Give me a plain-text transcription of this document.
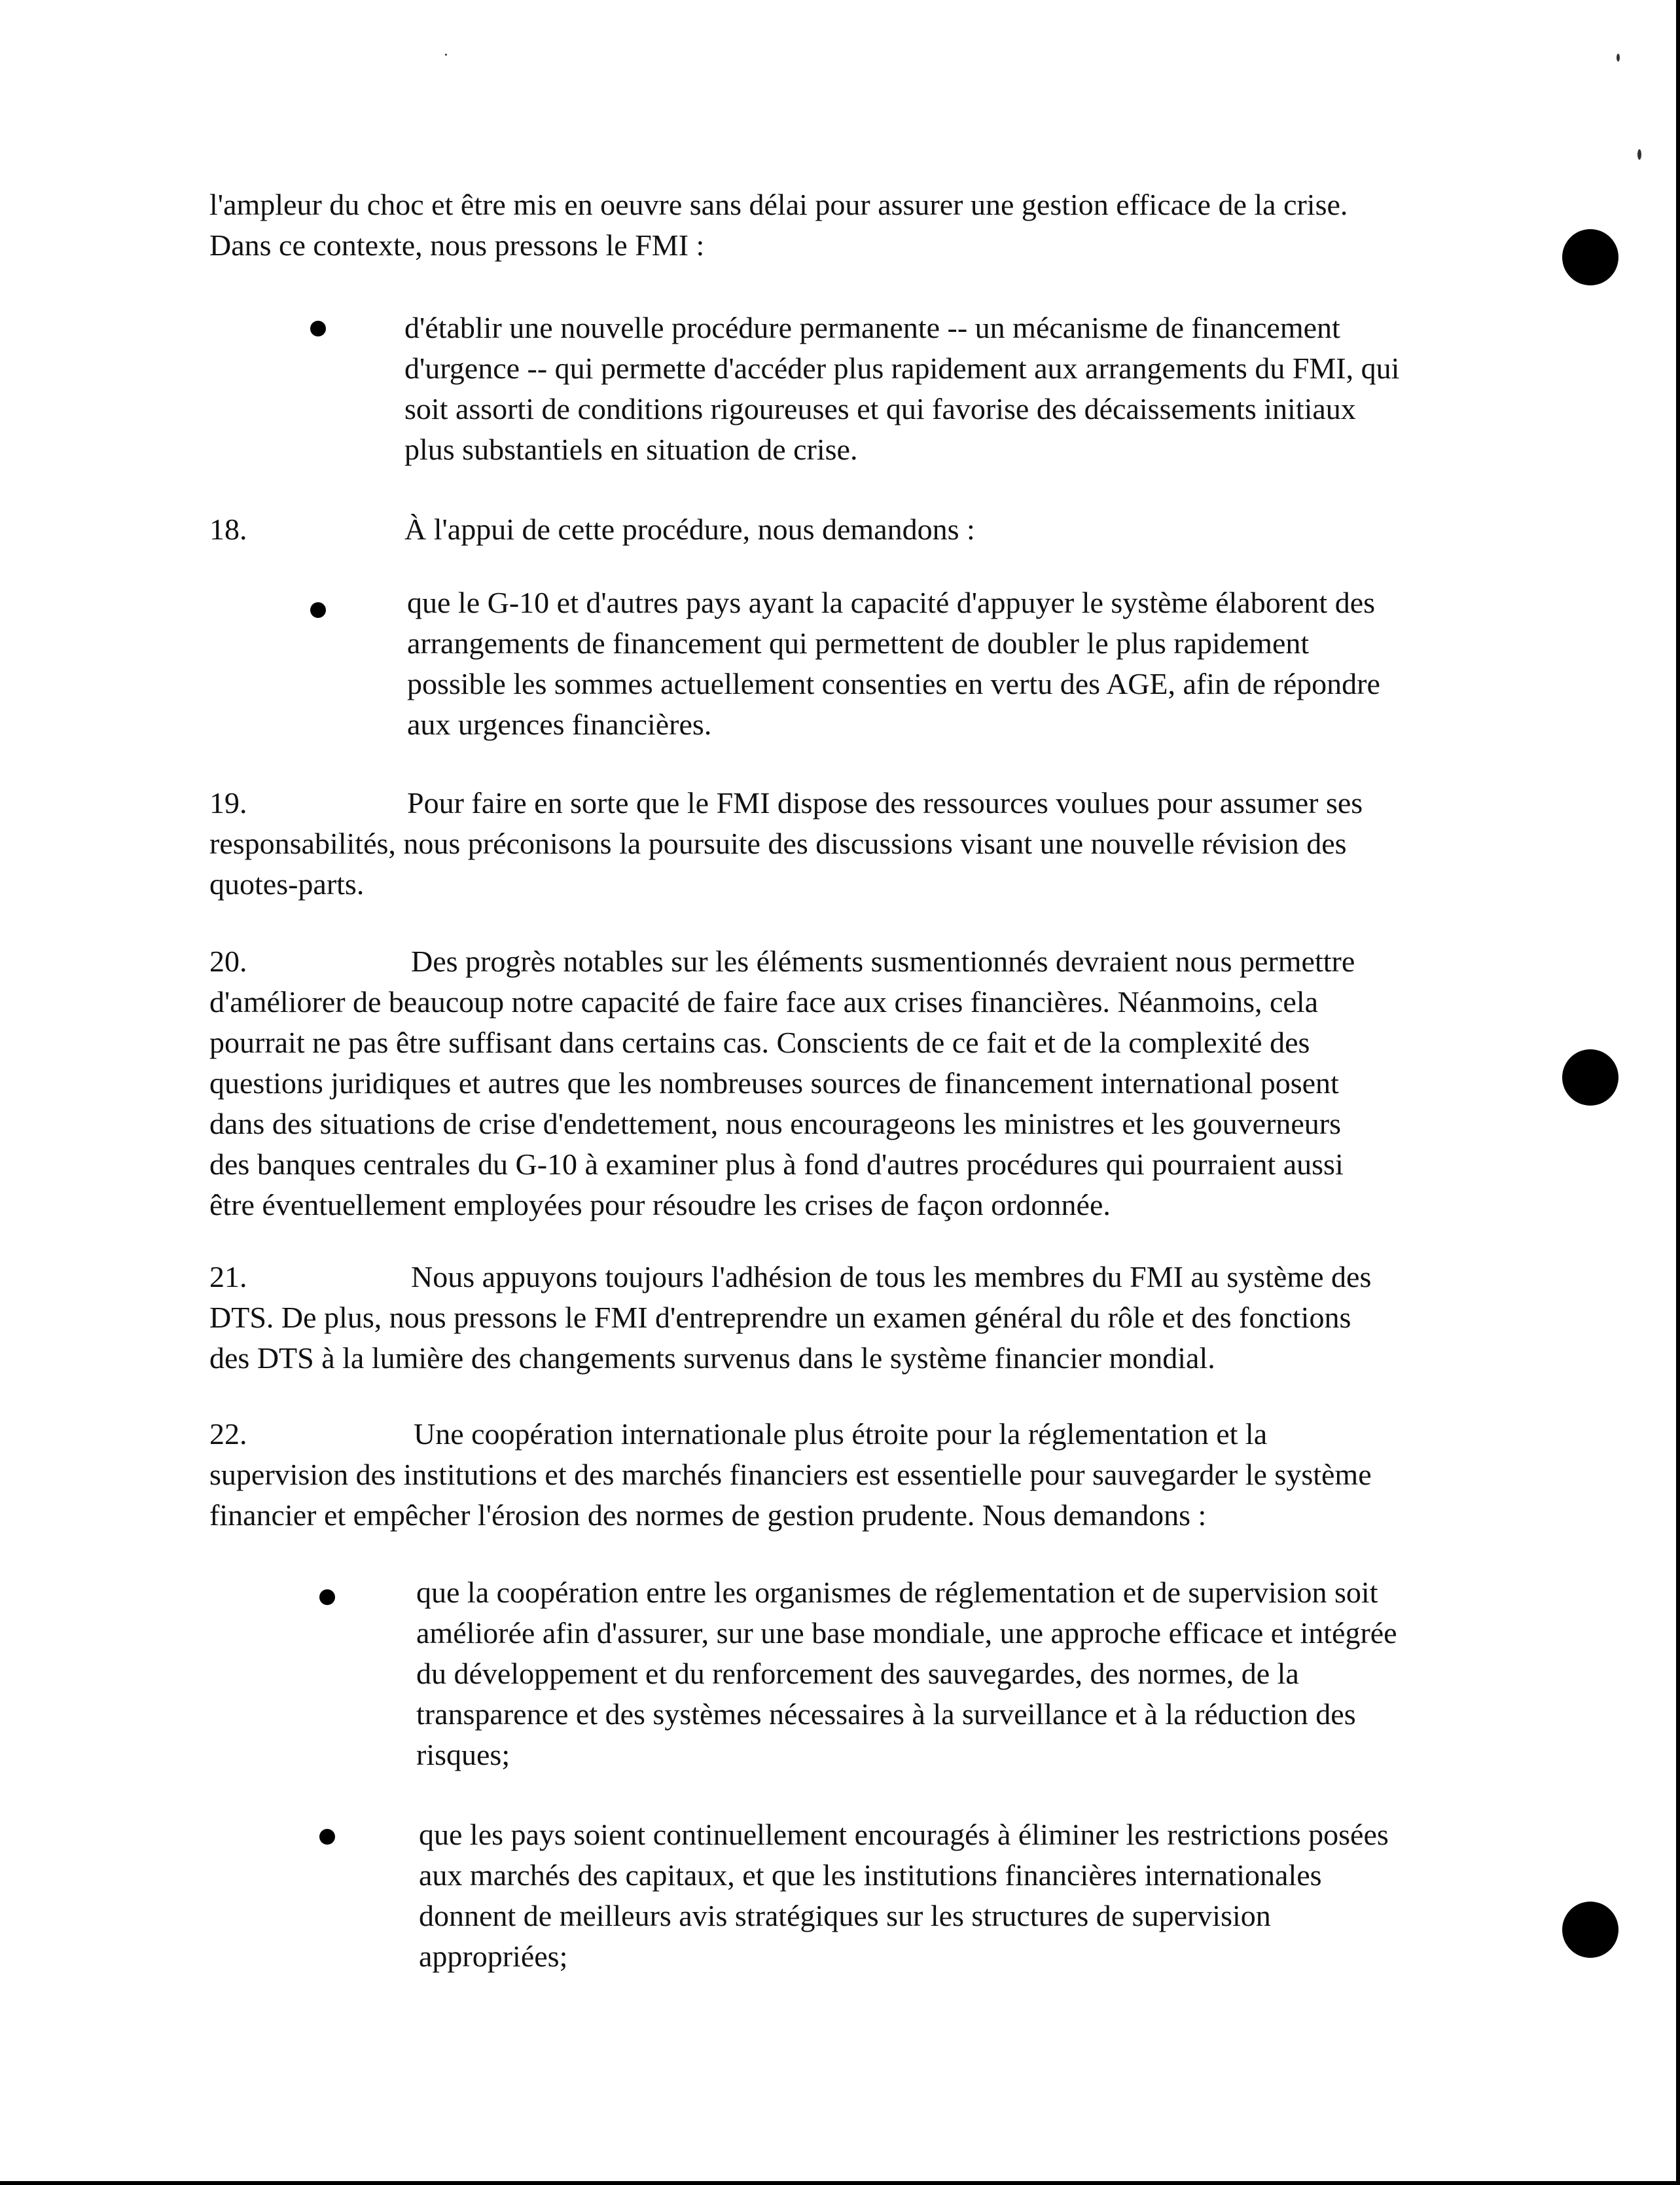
l'ampleur du choc et être mis en oeuvre sans délai pour assurer une gestion efficace de la crise.
Dans ce contexte, nous pressons le FMI :
d'établir une nouvelle procédure permanente -- un mécanisme de financement
d'urgence -- qui permette d'accéder plus rapidement aux arrangements du FMI, qui
soit assorti de conditions rigoureuses et qui favorise des décaissements initiaux
plus substantiels en situation de crise.
18.	À l'appui de cette procédure, nous demandons :
que le G-10 et d'autres pays ayant la capacité d'appuyer le système élaborent des
arrangements de financement qui permettent de doubler le plus rapidement
possible les sommes actuellement consenties en vertu des AGE, afin de répondre
aux urgences financières.
19.	Pour faire en sorte que le FMI dispose des ressources voulues pour assumer ses
responsabilités, nous préconisons la poursuite des discussions visant une nouvelle révision des
quotes-parts.
20.	Des progrès notables sur les éléments susmentionnés devraient nous permettre
d'améliorer de beaucoup notre capacité de faire face aux crises financières. Néanmoins, cela
pourrait ne pas être suffisant dans certains cas. Conscients de ce fait et de la complexité des
questions juridiques et autres que les nombreuses sources de financement international posent
dans des situations de crise d'endettement, nous encourageons les ministres et les gouverneurs
des banques centrales du G-10 à examiner plus à fond d'autres procédures qui pourraient aussi
être éventuellement employées pour résoudre les crises de façon ordonnée.
21.	Nous appuyons toujours l'adhésion de tous les membres du FMI au système des
DTS. De plus, nous pressons le FMI d'entreprendre un examen général du rôle et des fonctions
des DTS à la lumière des changements survenus dans le système financier mondial.
22.	Une coopération internationale plus étroite pour la réglementation et la
supervision des institutions et des marchés financiers est essentielle pour sauvegarder le système
financier et empêcher l'érosion des normes de gestion prudente. Nous demandons :
que la coopération entre les organismes de réglementation et de supervision soit
améliorée afin d'assurer, sur une base mondiale, une approche efficace et intégrée
du développement et du renforcement des sauvegardes, des normes, de la
transparence et des systèmes nécessaires à la surveillance et à la réduction des
risques;
que les pays soient continuellement encouragés à éliminer les restrictions posées
aux marchés des capitaux, et que les institutions financières internationales
donnent de meilleurs avis stratégiques sur les structures de supervision
appropriées;
